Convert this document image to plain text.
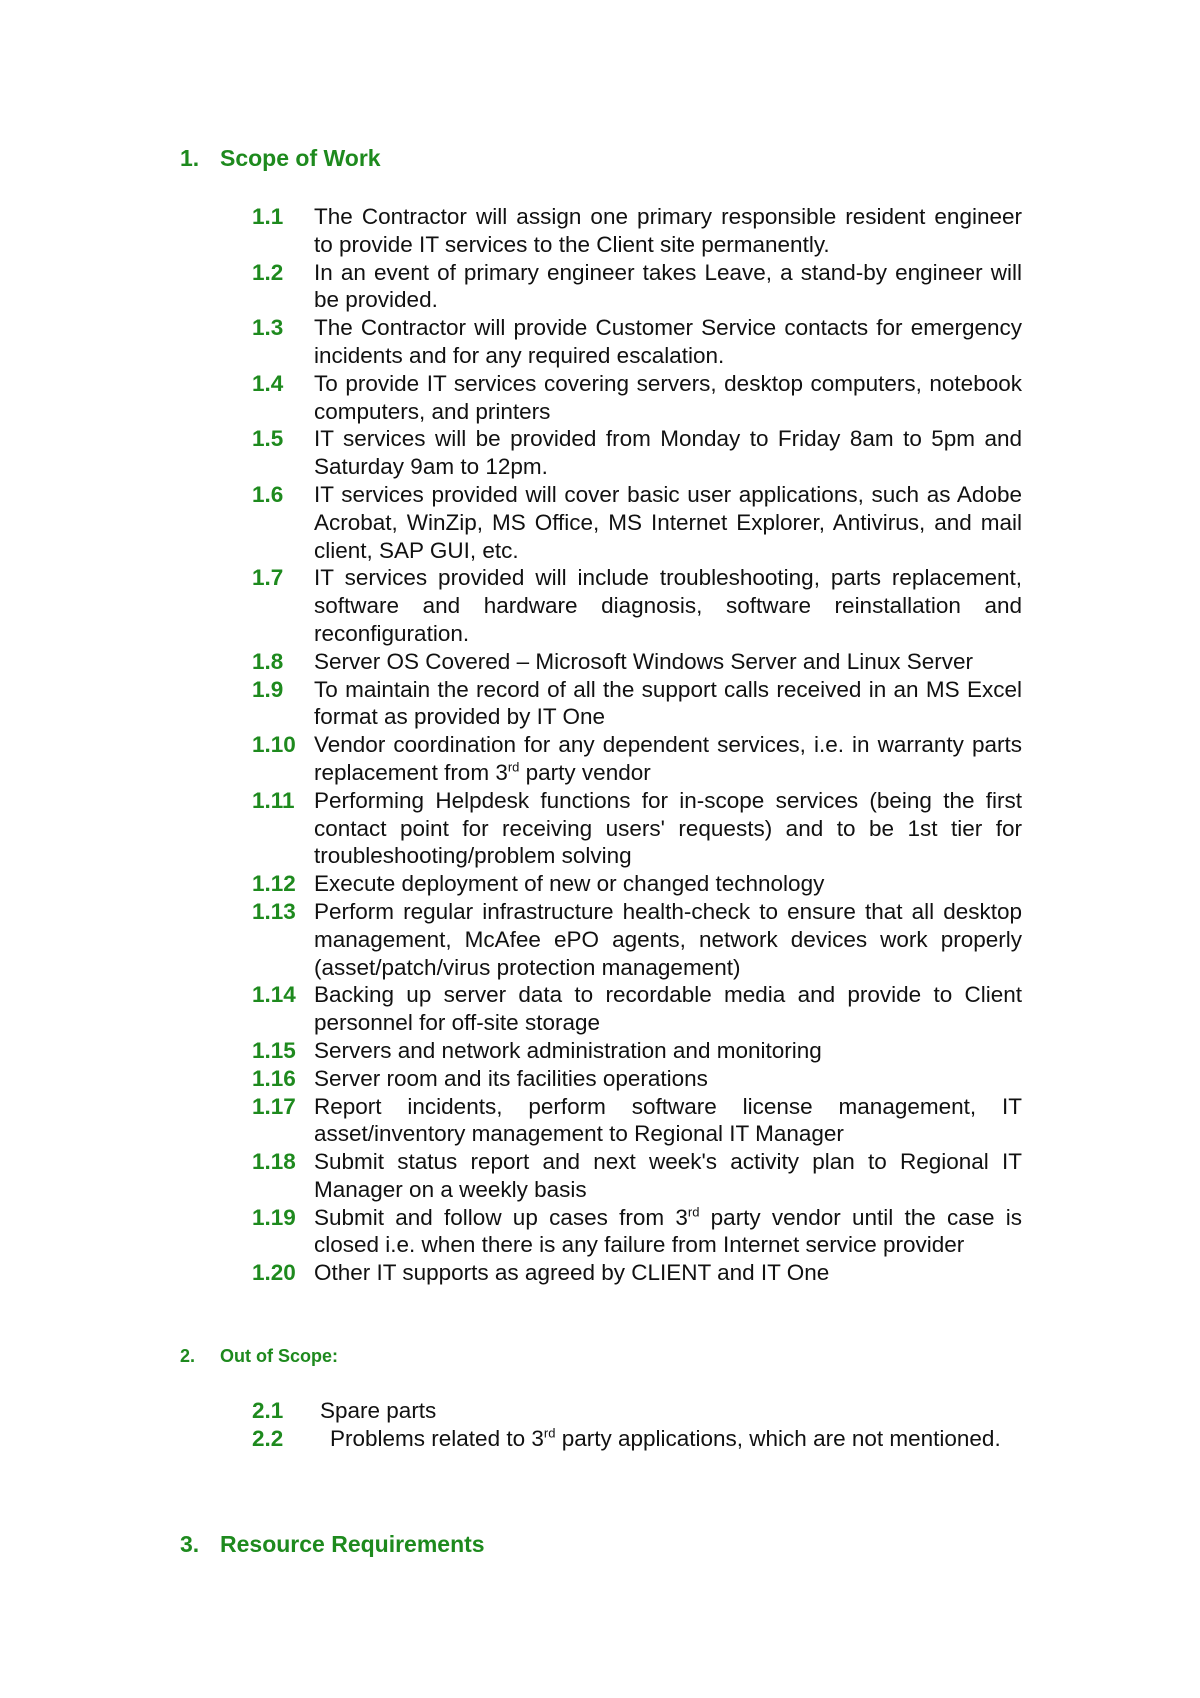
1. Scope of Work
1.1	The Contractor will assign one primary responsible resident engineer to provide IT services to the Client site permanently.
1.2	In an event of primary engineer takes Leave, a stand-by engineer will be provided.
1.3	The Contractor will provide Customer Service contacts for emergency incidents and for any required escalation.
1.4	To provide IT services covering servers, desktop computers, notebook computers, and printers
1.5	IT services will be provided from Monday to Friday 8am to 5pm and Saturday 9am to 12pm.
1.6	IT services provided will cover basic user applications, such as Adobe Acrobat, WinZip, MS Office, MS Internet Explorer, Antivirus, and mail client, SAP GUI, etc.
1.7	IT services provided will include troubleshooting, parts replacement, software and hardware diagnosis, software reinstallation and reconfiguration.
1.8	Server OS Covered – Microsoft Windows Server and Linux Server
1.9	To maintain the record of all the support calls received in an MS Excel format as provided by IT One
1.10 Vendor coordination for any dependent services, i.e. in warranty parts replacement from 3rd party vendor
1.11 Performing Helpdesk functions for in-scope services (being the first contact point for receiving users' requests) and to be 1st tier for troubleshooting/problem solving
1.12 Execute deployment of new or changed technology
1.13 Perform regular infrastructure health-check to ensure that all desktop management, McAfee ePO agents, network devices work properly (asset/patch/virus protection management)
1.14 Backing up server data to recordable media and provide to Client personnel for off-site storage
1.15 Servers and network administration and monitoring
1.16 Server room and its facilities operations
1.17 Report incidents, perform software license management, IT asset/inventory management to Regional IT Manager
1.18 Submit status report and next week's activity plan to Regional IT Manager on a weekly basis
1.19 Submit and follow up cases from 3rd party vendor until the case is closed i.e. when there is any failure from Internet service provider
1.20 Other IT supports as agreed by CLIENT and IT One
2.	Out of Scope:
2.1	Spare parts
2.2	Problems related to 3rd party applications, which are not mentioned.
3. Resource Requirements
